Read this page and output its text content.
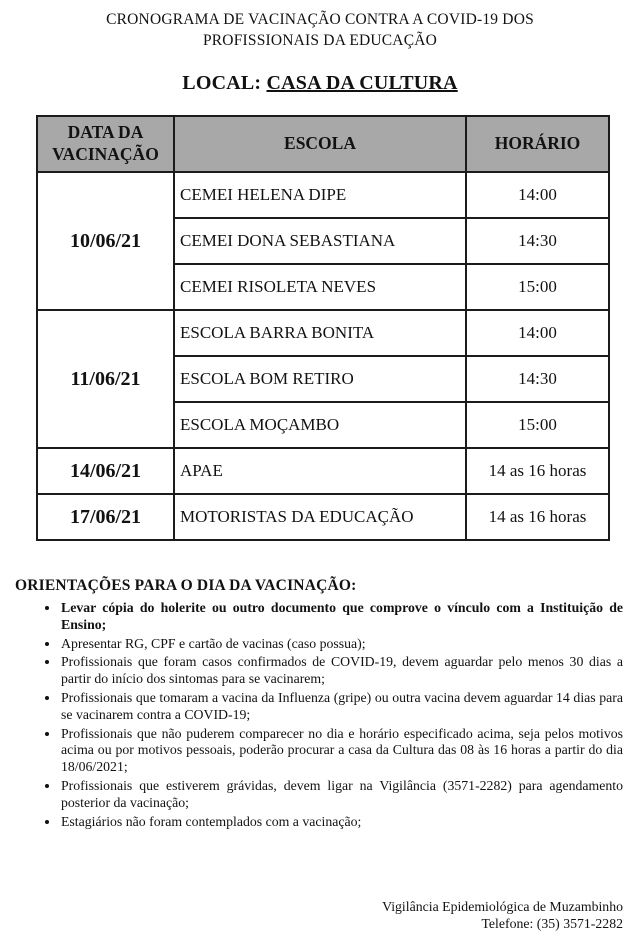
CRONOGRAMA DE VACINAÇÃO CONTRA A COVID-19 DOS
PROFISSIONAIS DA EDUCAÇÃO
LOCAL: CASA DA CULTURA
DATA DA VACINAÇÃO	ESCOLA	HORÁRIO
10/06/21	CEMEI HELENA DIPE	14:00
	CEMEI DONA SEBASTIANA	14:30
	CEMEI RISOLETA NEVES	15:00
11/06/21	ESCOLA BARRA BONITA	14:00
	ESCOLA BOM RETIRO	14:30
	ESCOLA MOÇAMBO	15:00
14/06/21	APAE	14 as 16 horas
17/06/21	MOTORISTAS DA EDUCAÇÃO	14 as 16 horas
ORIENTAÇÕES PARA O DIA DA VACINAÇÃO:
• Levar cópia do holerite ou outro documento que comprove o vínculo com a Instituição de Ensino;
• Apresentar RG, CPF e cartão de vacinas (caso possua);
• Profissionais que foram casos confirmados de COVID-19, devem aguardar pelo menos 30 dias a partir do início dos sintomas para se vacinarem;
• Profissionais que tomaram a vacina da Influenza (gripe) ou outra vacina devem aguardar 14 dias para se vacinarem contra a COVID-19;
• Profissionais que não puderem comparecer no dia e horário especificado acima, seja pelos motivos acima ou por motivos pessoais, poderão procurar a casa da Cultura das 08 às 16 horas a partir do dia 18/06/2021;
• Profissionais que estiverem grávidas, devem ligar na Vigilância (3571-2282) para agendamento posterior da vacinação;
• Estagiários não foram contemplados com a vacinação;
Vigilância Epidemiológica de Muzambinho
Telefone: (35) 3571-2282
